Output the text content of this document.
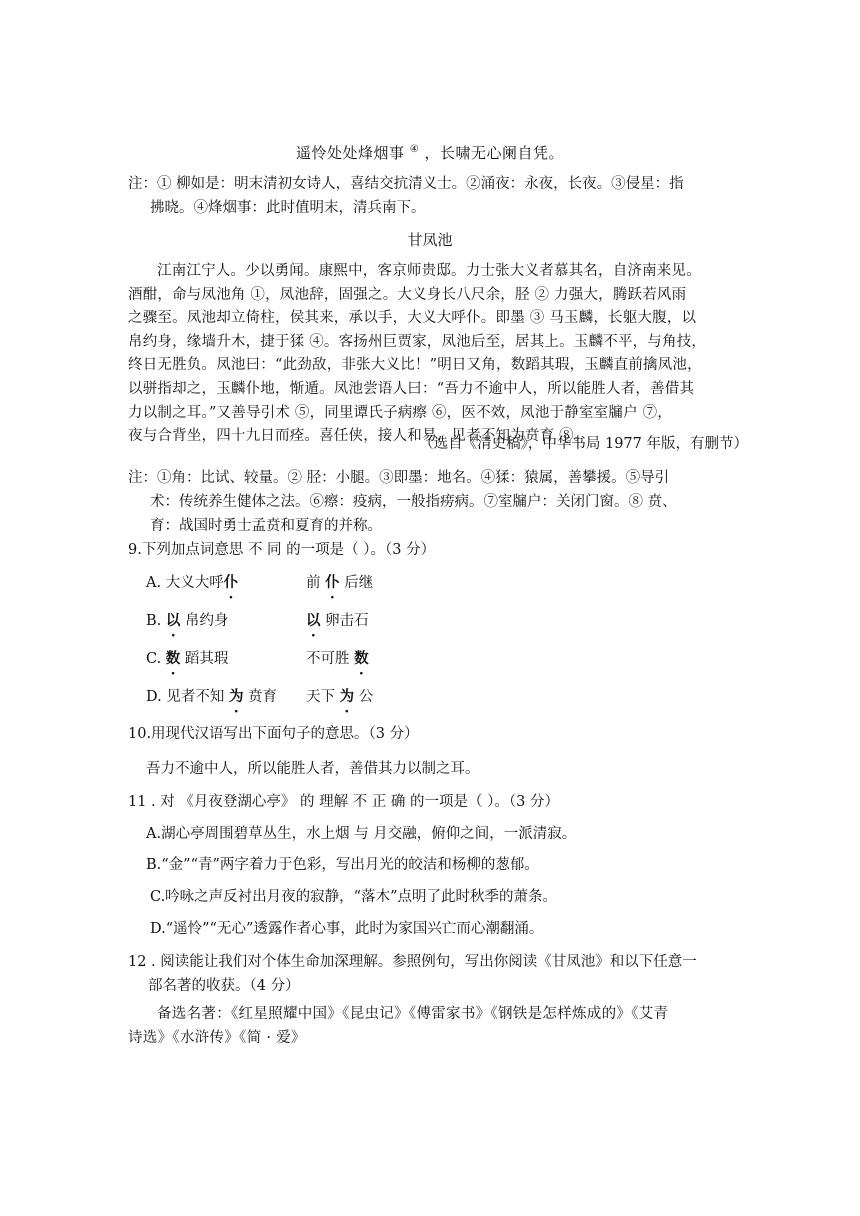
遥怜处处烽烟事 ④ ，长啸无心阑自凭。
注：① 柳如是：明末清初女诗人，喜结交抗清义士。②涌夜：永夜，长夜。③侵星：指
拂晓。④烽烟事：此时值明末，清兵南下。
甘凤池
江南江宁人。少以勇闻。康熙中，客京师贵邸。力士张大义者慕其名，自济南来见。
酒酣，命与凤池角 ①，凤池辞，固强之。大义身长八尺余，胫 ② 力强大，腾跃若风雨
之骤至。凤池却立倚柱，侯其来，承以手，大义大呼仆。即墨 ③ 马玉麟，长躯大腹，以
帛约身，缘墙升木，捷于猱 ④。客扬州巨贾家，凤池后至，居其上。玉麟不平，与角技，
终日无胜负。凤池曰：“此劲敌，非张大义比！”明日又角，数蹈其瑕，玉麟直前擒凤池，
以骈指却之，玉麟仆地，惭遁。凤池尝语人曰：“吾力不逾中人，所以能胜人者，善借其
力以制之耳。”又善导引术 ⑤，同里谭氏子病瘵 ⑥，医不效，凤池于静室室牖户 ⑦，
夜与合背坐，四十九日而痊。喜任侠，接人和易，见者不知为贲育 ⑧。
（选自《清史稿》，中华书局 1977 年版，有删节）
注：①角：比试、较量。② 胫：小腿。③即墨：地名。④猱：猿属，善攀援。⑤导引
术：传统养生健体之法。⑥瘵：疫病，一般指痨病。⑦室牖户：关闭门窗。⑧ 贲、
育：战国时勇士孟贲和夏育的并称。
9.下列加点词意思 不 同 的一项是（ ）。（3 分）
A. 大义大呼仆	前 仆 后继
B. 以 帛约身	以 卵击石
C. 数 蹈其瑕	不可胜 数
D. 见者不知 为 贲育 天下 为 公
10.用现代汉语写出下面句子的意思。（3 分）
吾力不逾中人，所以能胜人者，善借其力以制之耳。
11 . 对 《月夜登湖心亭》 的 理解 不 正 确 的一项是（ ）。（3 分）
A.湖心亭周围碧草丛生，水上烟 与 月交融，俯仰之间，一派清寂。
B.“金”“青”两字着力于色彩，写出月光的皎洁和杨柳的葱郁。
C.吟咏之声反衬出月夜的寂静，“落木”点明了此时秋季的萧条。
D.“遥怜”“无心”透露作者心事，此时为家国兴亡而心潮翻涌。
12 . 阅读能让我们对个体生命加深理解。参照例句，写出你阅读《甘凤池》和以下任意一
部名著的收获。（4 分）
备选名著：《红星照耀中国》《昆虫记》《傅雷家书》《钢铁是怎样炼成的》《艾青
诗选》《水浒传》《简 · 爱》
